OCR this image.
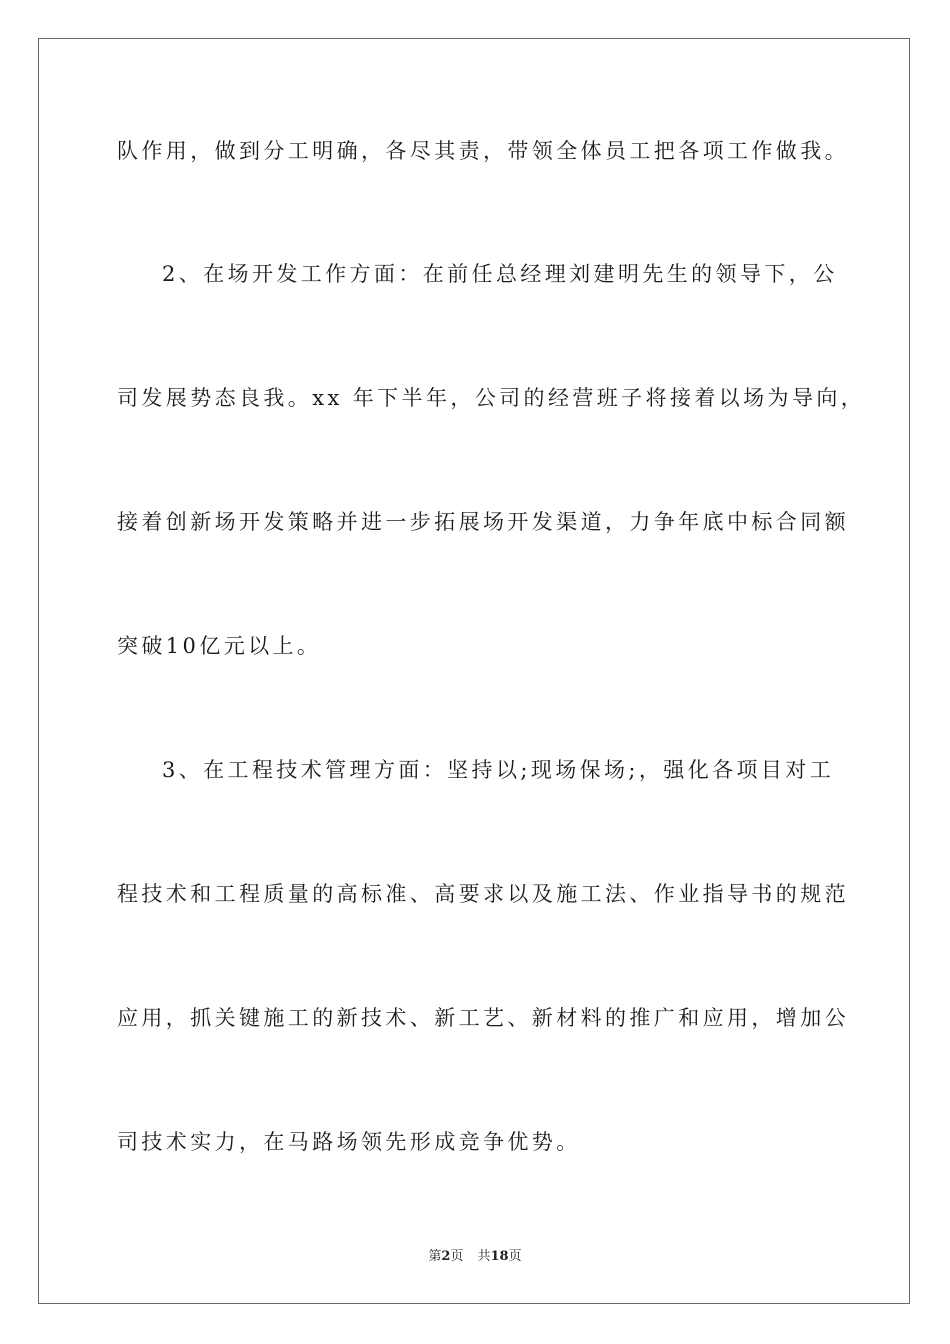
队作用，做到分工明确，各尽其责，带领全体员工把各项工作做我。
2、在场开发工作方面：在前任总经理刘建明先生的领导下，公
司发展势态良我。xx 年下半年，公司的经营班子将接着以场为导向，
接着创新场开发策略并进一步拓展场开发渠道，力争年底中标合同额
突破10亿元以上。
3、在工程技术管理方面：坚持以;现场保场;，强化各项目对工
程技术和工程质量的高标准、高要求以及施工法、作业指导书的规范
应用，抓关键施工的新技术、新工艺、新材料的推广和应用，增加公
司技术实力，在马路场领先形成竞争优势。
第2页 共18页
